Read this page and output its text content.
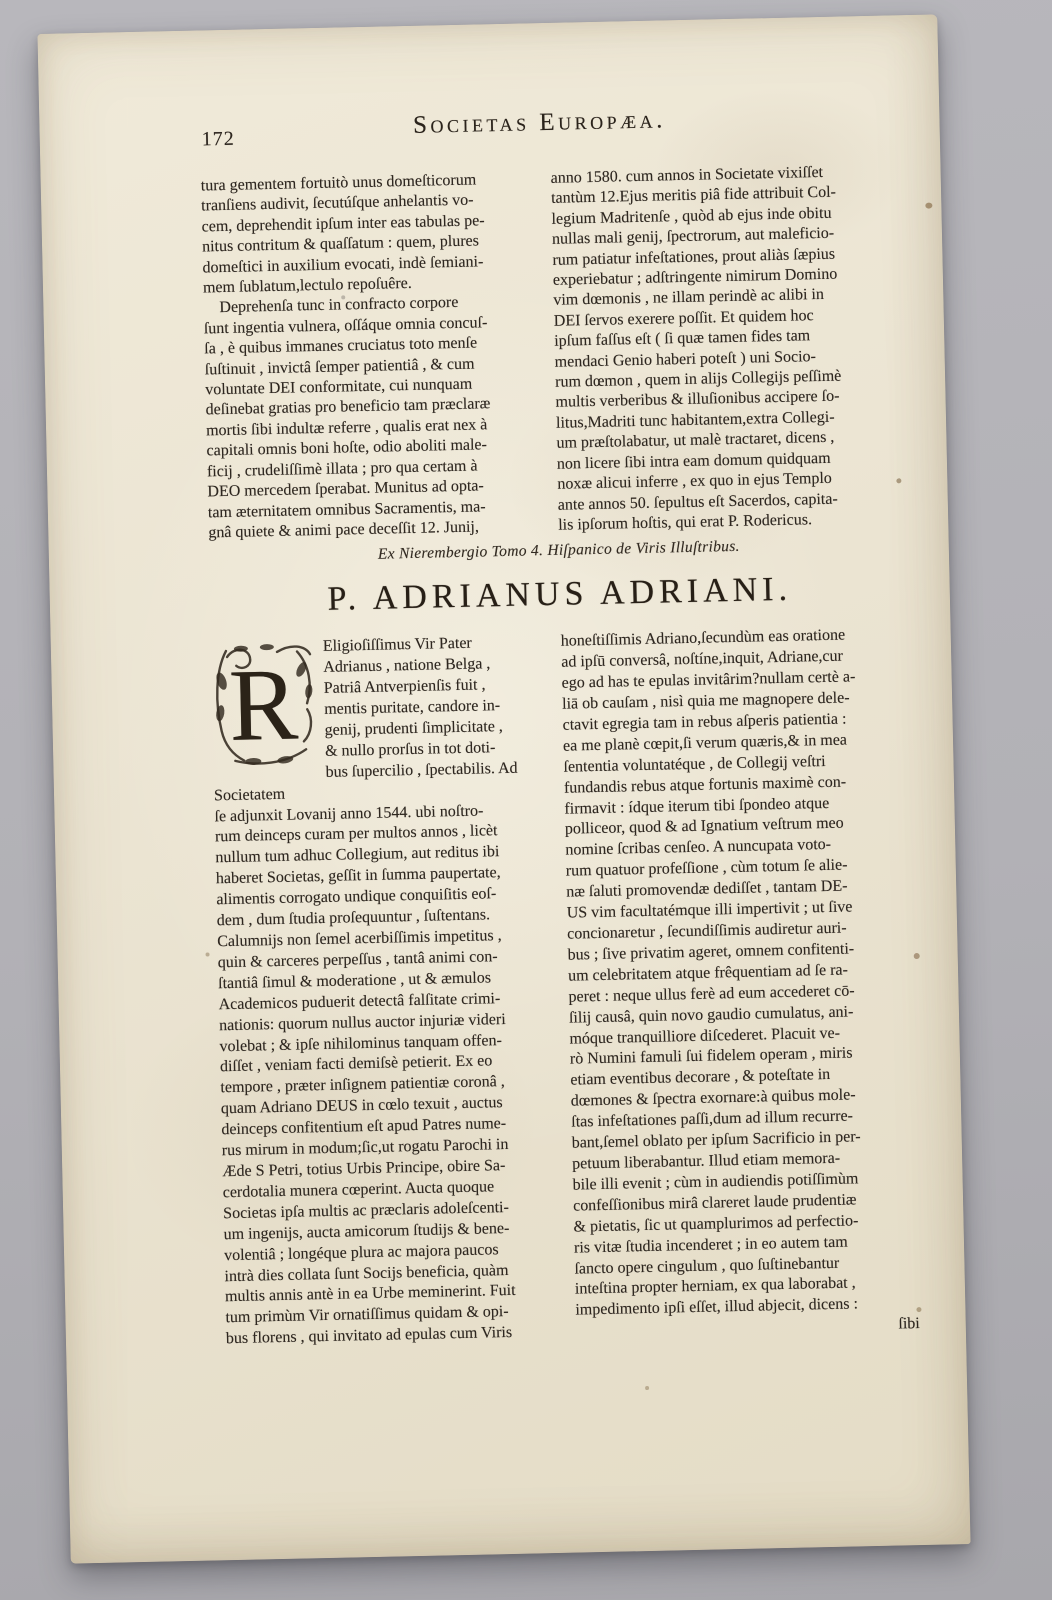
172
Societas Europæa.
tura gementem fortuitò unus domeſticorum
tranſiens audivit, ſecutúſque anhelantis vo-
cem, deprehendit ipſum inter eas tabulas pe-
nitus contritum & quaſſatum : quem, plures
domeſtici in auxilium evocati, indè ſemiani-
mem ſublatum,lectulo repoſuêre.
 Deprehenſa tunc in confracto corpore
ſunt ingentia vulnera, oſſáque omnia concuſ-
ſa , è quibus immanes cruciatus toto menſe
ſuſtinuit , invictâ ſemper patientiâ , & cum
voluntate DEI conformitate, cui nunquam
deſinebat gratias pro beneficio tam præclaræ
mortis ſibi indultæ referre , qualis erat nex à
capitali omnis boni hoſte, odio aboliti male-
ficij , crudeliſſimè illata ; pro qua certam à
DEO mercedem ſperabat. Munitus ad opta-
tam æternitatem omnibus Sacramentis, ma-
gnâ quiete & animi pace deceſſit 12. Junij,
anno 1580. cum annos in Societate vixiſſet
tantùm 12.Ejus meritis piâ fide attribuit Col-
legium Madritenſe , quòd ab ejus inde obitu
nullas mali genij, ſpectrorum, aut maleficio-
rum patiatur infeſtationes, prout aliàs ſæpius
experiebatur ; adſtringente nimirum Domino
vim dœmonis , ne illam perindè ac alibi in
DEI ſervos exerere poſſit. Et quidem hoc
ipſum faſſus eſt ( ſi quæ tamen fides tam
mendaci Genio haberi poteſt ) uni Socio-
rum dœmon , quem in alijs Collegijs peſſimè
multis verberibus & illuſionibus accipere ſo-
litus,Madriti tunc habitantem,extra Collegi-
um præſtolabatur, ut malè tractaret, dicens ,
non licere ſibi intra eam domum quidquam
noxæ alicui inferre , ex quo in ejus Templo
ante annos 50. ſepultus eſt Sacerdos, capita-
lis ipſorum hoſtis, qui erat P. Rodericus.
Ex Nierembergio Tomo 4. Hiſpanico de Viris Illuſtribus.
P. ADRIANUS ADRIANI.
R
Eligioſiſſimus Vir Pater
Adrianus , natione Belga ,
Patriâ Antverpienſis fuit ,
mentis puritate, candore in-
genij, prudenti ſimplicitate ,
& nullo prorſus in tot doti-
bus ſupercilio , ſpectabilis. Ad Societatem
ſe adjunxit Lovanij anno 1544. ubi noſtro-
rum deinceps curam per multos annos , licèt
nullum tum adhuc Collegium, aut reditus ibi
haberet Societas, geſſit in ſumma paupertate,
alimentis corrogato undique conquiſitis eoſ-
dem , dum ſtudia proſequuntur , ſuſtentans.
Calumnijs non ſemel acerbiſſimis impetitus ,
quin & carceres perpeſſus , tantâ animi con-
ſtantiâ ſimul & moderatione , ut & æmulos
Academicos puduerit detectâ falſitate crimi-
nationis: quorum nullus auctor injuriæ videri
volebat ; & ipſe nihilominus tanquam offen-
diſſet , veniam facti demiſsè petierit. Ex eo
tempore , præter inſignem patientiæ coronâ ,
quam Adriano DEUS in cœlo texuit , auctus
deinceps confitentium eſt apud Patres nume-
rus mirum in modum;ſic,ut rogatu Parochi in
Æde S Petri, totius Urbis Principe, obire Sa-
cerdotalia munera cœperint. Aucta quoque
Societas ipſa multis ac præclaris adoleſcenti-
um ingenijs, aucta amicorum ſtudijs & bene-
volentiâ ; longéque plura ac majora paucos
intrà dies collata ſunt Socijs beneficia, quàm
multis annis antè in ea Urbe meminerint. Fuit
tum primùm Vir ornatiſſimus quidam & opi-
bus florens , qui invitato ad epulas cum Viris
honeſtiſſimis Adriano,ſecundùm eas oratione
ad ipſū conversâ, noſtíne,inquit, Adriane,cur
ego ad has te epulas invitârim?nullam certè a-
liā ob cauſam , nisì quia me magnopere dele-
ctavit egregia tam in rebus aſperis patientia :
ea me planè cœpit,ſi verum quæris,& in mea
ſententia voluntatéque , de Collegij veſtri
fundandis rebus atque fortunis maximè con-
firmavit : ídque iterum tibi ſpondeo atque
polliceor, quod & ad Ignatium veſtrum meo
nomine ſcribas cenſeo. A nuncupata voto-
rum quatuor profeſſione , cùm totum ſe alie-
næ ſaluti promovendæ dediſſet , tantam DE-
US vim facultatémque illi impertivit ; ut ſive
concionaretur , ſecundiſſimis audiretur auri-
bus ; ſive privatim ageret, omnem confitenti-
um celebritatem atque frêquentiam ad ſe ra-
peret : neque ullus ferè ad eum accederet cō-
ſilij causâ, quin novo gaudio cumulatus, ani-
móque tranquilliore diſcederet. Placuit ve-
rò Numini famuli ſui fidelem operam , miris
etiam eventibus decorare , & poteſtate in
dœmones & ſpectra exornare:à quibus mole-
ſtas infeſtationes paſſi,dum ad illum recurre-
bant,ſemel oblato per ipſum Sacrificio in per-
petuum liberabantur. Illud etiam memora-
bile illi evenit ; cùm in audiendis potiſſimùm
confeſſionibus mirâ clareret laude prudentiæ
& pietatis, ſic ut quamplurimos ad perfectio-
ris vitæ ſtudia incenderet ; in eo autem tam
ſancto opere cingulum , quo ſuſtinebantur
inteſtina propter herniam, ex qua laborabat ,
impedimento ipſi eſſet, illud abjecit, dicens :
ſibi
